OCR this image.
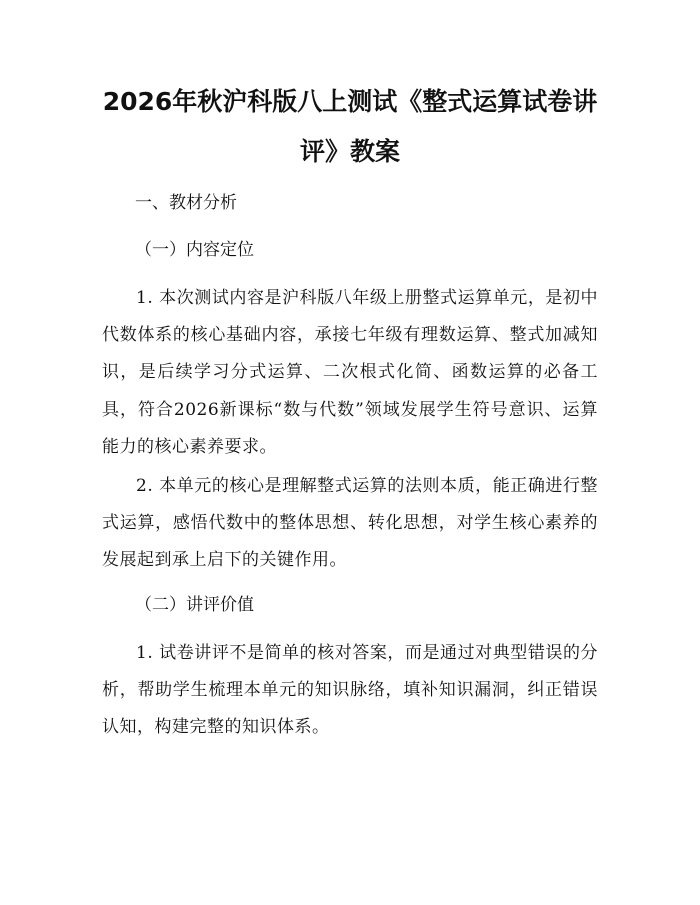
2026年秋沪科版八上测试《整式运算试卷讲评》教案

一、教材分析

（一）内容定位

1. 本次测试内容是沪科版八年级上册整式运算单元，是初中代数体系的核心基础内容，承接七年级有理数运算、整式加减知识，是后续学习分式运算、二次根式化简、函数运算的必备工具，符合2026新课标“数与代数”领域发展学生符号意识、运算能力的核心素养要求。

2. 本单元的核心是理解整式运算的法则本质，能正确进行整式运算，感悟代数中的整体思想、转化思想，对学生核心素养的发展起到承上启下的关键作用。

（二）讲评价值

1. 试卷讲评不是简单的核对答案，而是通过对典型错误的分析，帮助学生梳理本单元的知识脉络，填补知识漏洞，纠正错误认知，构建完整的知识体系。
